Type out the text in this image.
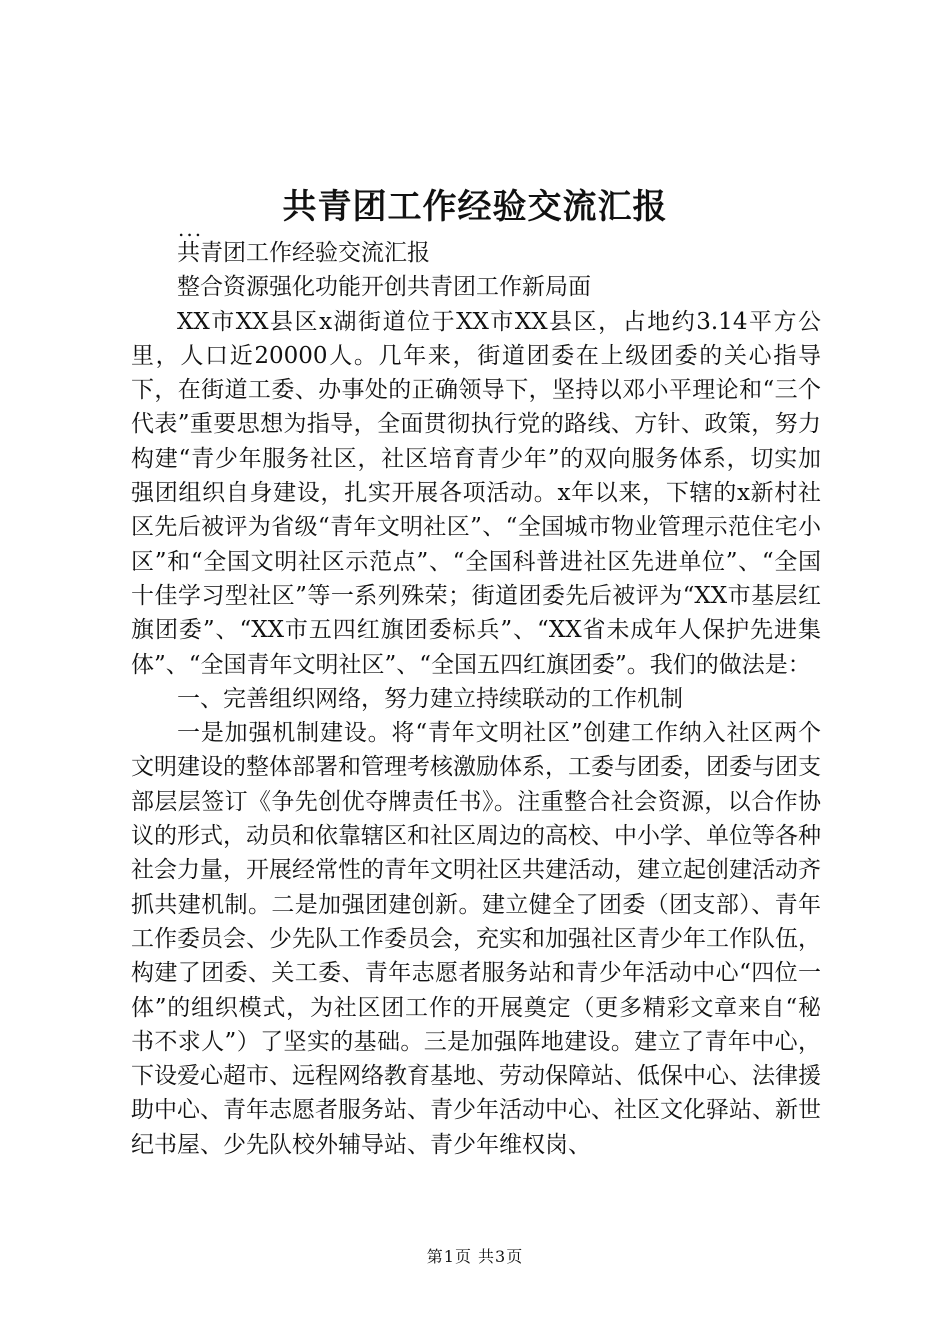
共青团工作经验交流汇报
...

共青团工作经验交流汇报

整合资源强化功能开创共青团工作新局面

XX市XX县区x湖街道位于XX市XX县区，占地约3.14平方公里，人口近20000人。几年来，街道团委在上级团委的关心指导下，在街道工委、办事处的正确领导下，坚持以邓小平理论和“三个代表”重要思想为指导，全面贯彻执行党的路线、方针、政策，努力构建“青少年服务社区，社区培育青少年”的双向服务体系，切实加强团组织自身建设，扎实开展各项活动。x年以来，下辖的x新村社区先后被评为省级“青年文明社区”、“全国城市物业管理示范住宅小区”和“全国文明社区示范点”、“全国科普进社区先进单位”、“全国十佳学习型社区”等一系列殊荣；街道团委先后被评为“XX市基层红旗团委”、“XX市五四红旗团委标兵”、“XX省未成年人保护先进集体”、“全国青年文明社区”、“全国五四红旗团委”。我们的做法是：

一、完善组织网络，努力建立持续联动的工作机制

一是加强机制建设。将“青年文明社区”创建工作纳入社区两个文明建设的整体部署和管理考核激励体系，工委与团委，团委与团支部层层签订《争先创优夺牌责任书》。注重整合社会资源，以合作协议的形式，动员和依靠辖区和社区周边的高校、中小学、单位等各种社会力量，开展经常性的青年文明社区共建活动，建立起创建活动齐抓共建机制。二是加强团建创新。建立健全了团委（团支部）、青年工作委员会、少先队工作委员会，充实和加强社区青少年工作队伍，构建了团委、关工委、青年志愿者服务站和青少年活动中心“四位一体”的组织模式，为社区团工作的开展奠定（更多精彩文章来自“秘书不求人”）了坚实的基础。三是加强阵地建设。建立了青年中心，下设爱心超市、远程网络教育基地、劳动保障站、低保中心、法律援助中心、青年志愿者服务站、青少年活动中心、社区文化驿站、新世纪书屋、少先队校外辅导站、青少年维权岗、

第1页 共3页
